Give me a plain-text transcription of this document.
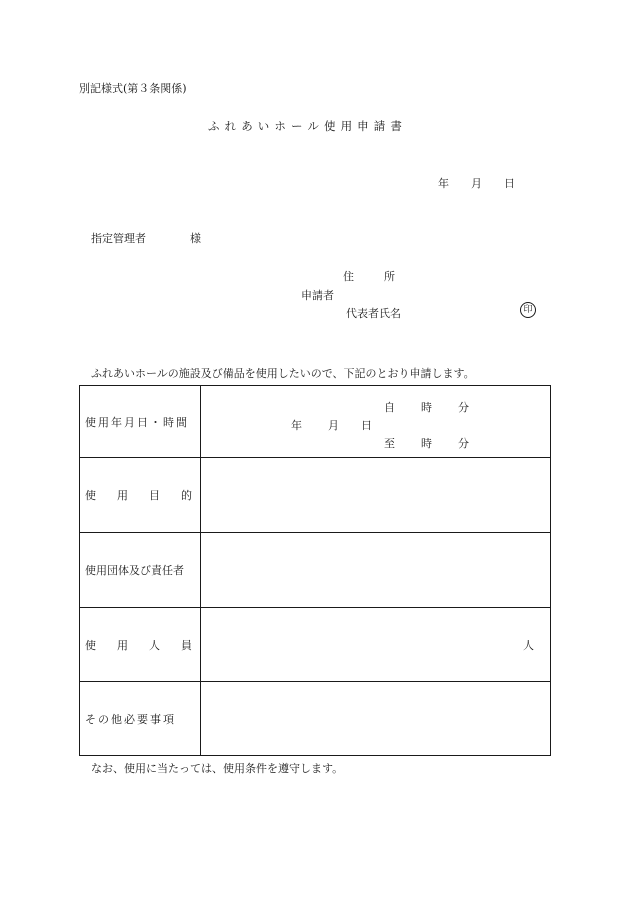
別記様式(第３条関係)
ふれあいホール使用申請書
年 月 日
指定管理者	様
住所
申請者
代表者氏名	印
ふれあいホールの施設及び備品を使用したいので、下記のとおり申請します。
使用年月日・時間	自 時 分
年 月 日
至 時 分

使 用 目 的	

使用団体及び責任者	

使 用 人 員	人

その他必要事項	
なお、使用に当たっては、使用条件を遵守します。
